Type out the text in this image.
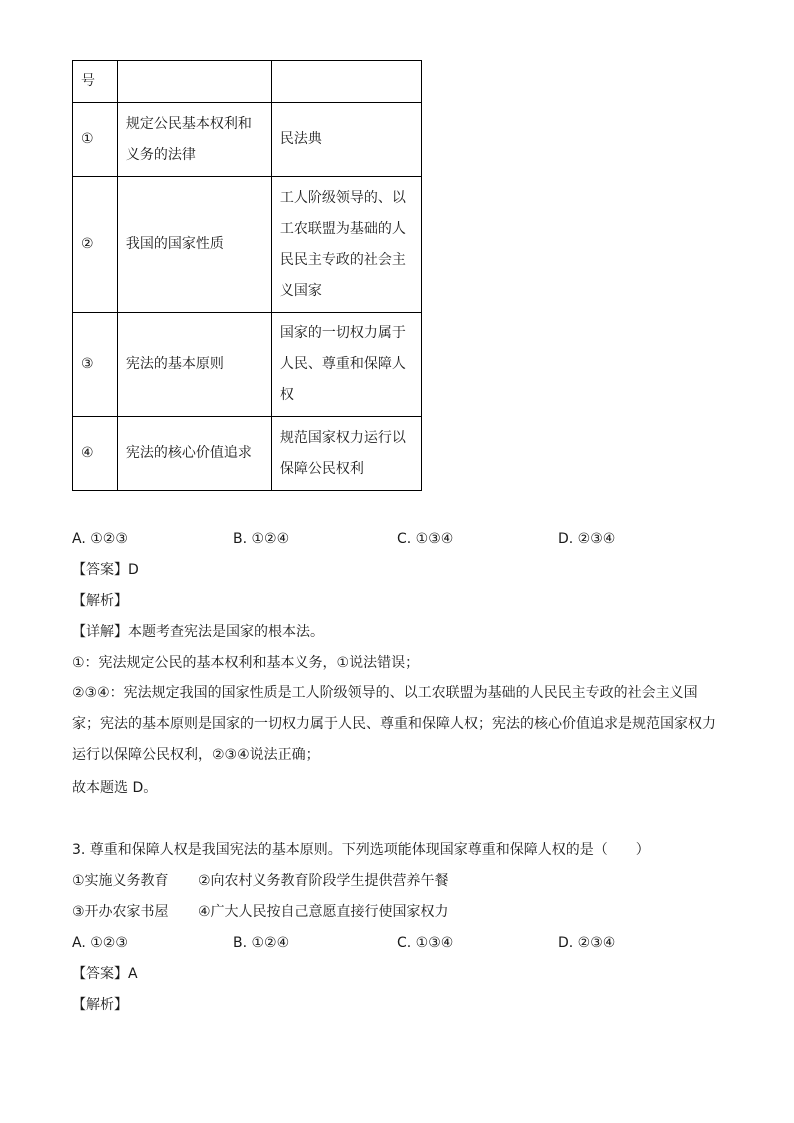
号		
①	规定公民基本权利和义务的法律	民法典
②	我国的国家性质	工人阶级领导的、以工农联盟为基础的人民民主专政的社会主义国家
③	宪法的基本原则	国家的一切权力属于人民、尊重和保障人权
④	宪法的核心价值追求	规范国家权力运行以保障公民权利
A. ①②③	B. ①②④	C. ①③④	D. ②③④
【答案】D
【解析】
【详解】本题考查宪法是国家的根本法。
①：宪法规定公民的基本权利和基本义务，①说法错误；
②③④：宪法规定我国的国家性质是工人阶级领导的、以工农联盟为基础的人民民主专政的社会主义国家；宪法的基本原则是国家的一切权力属于人民、尊重和保障人权；宪法的核心价值追求是规范国家权力运行以保障公民权利，②③④说法正确；
故本题选 D。
3. 尊重和保障人权是我国宪法的基本原则。下列选项能体现国家尊重和保障人权的是（　　）
①实施义务教育 ②向农村义务教育阶段学生提供营养午餐
③开办农家书屋 ④广大人民按自己意愿直接行使国家权力
A. ①②③	B. ①②④	C. ①③④	D. ②③④
【答案】A
【解析】
